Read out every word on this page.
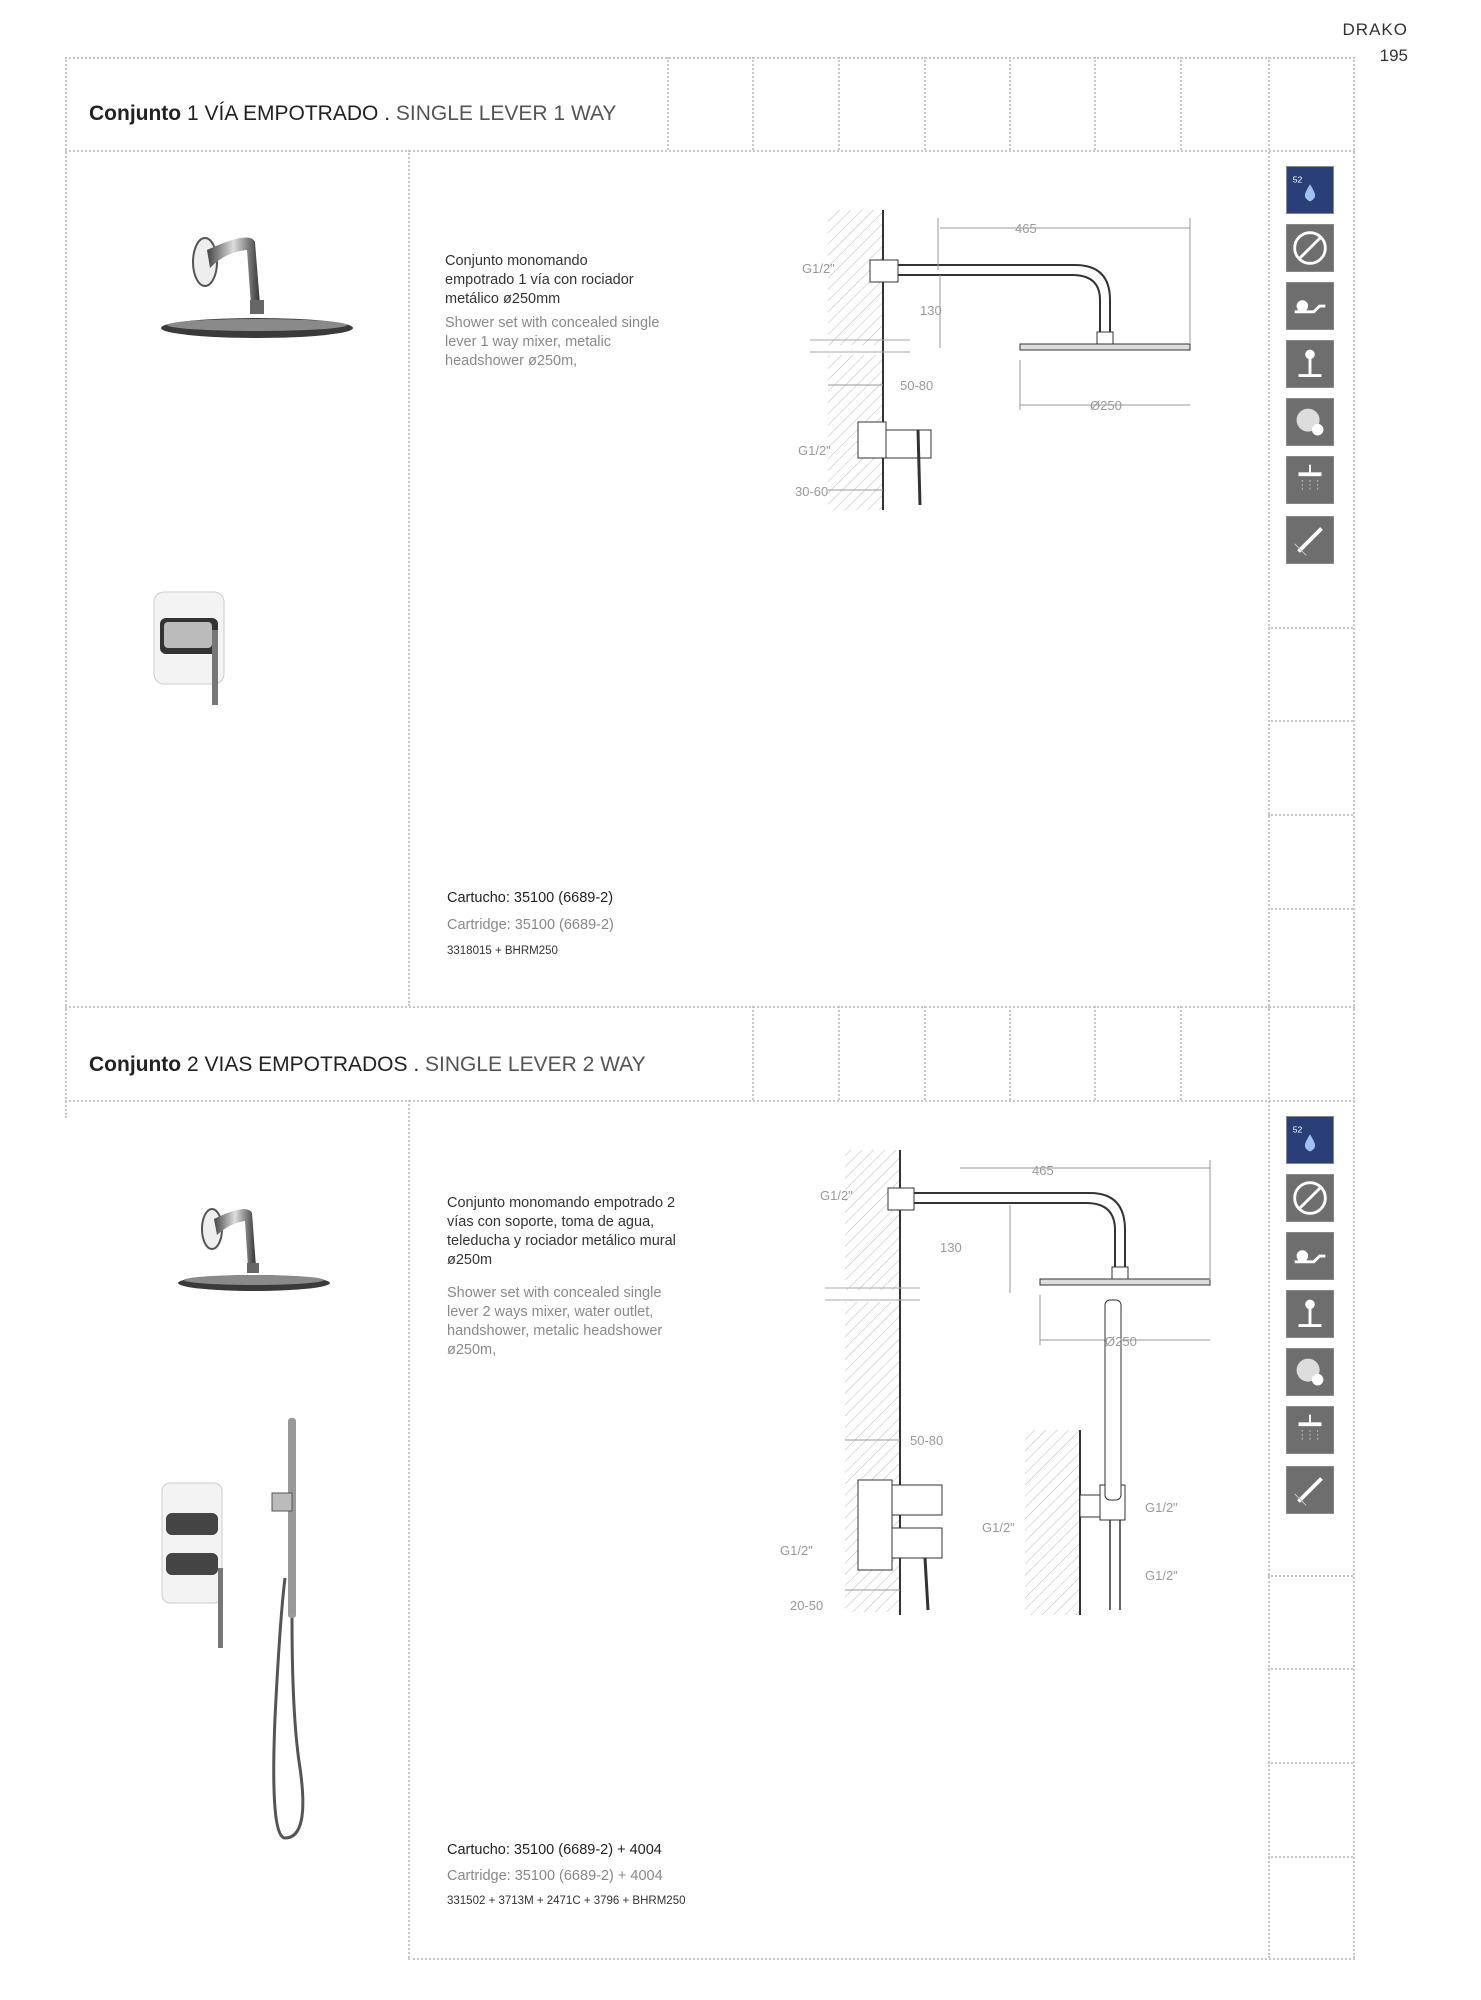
DRAKO
195
Conjunto 1 VÍA EMPOTRADO . SINGLE LEVER 1 WAY
Conjunto monomando empotrado 1 vía con rociador metálico ø250mm
Shower set with concealed single lever 1 way mixer, metalic headshower ø250m,
465
G1/2"
130
Ø250
50-80
G1/2"
30-60
52
Cartucho: 35100 (6689-2)
Cartridge: 35100 (6689-2)
3318015 + BHRM250
Conjunto 2 VIAS EMPOTRADOS . SINGLE LEVER 2 WAY
Conjunto monomando empotrado 2 vías con soporte, toma de agua, teleducha y rociador metálico mural ø250m
Shower set with concealed single lever 2 ways mixer, water outlet, handshower, metalic headshower ø250m,
465
G1/2"
130
Ø250
50-80
G1/2"
20-50
G1/2"
G1/2"
G1/2"
52
Cartucho: 35100 (6689-2) + 4004
Cartridge: 35100 (6689-2) + 4004
331502 + 3713M + 2471C + 3796 + BHRM250
